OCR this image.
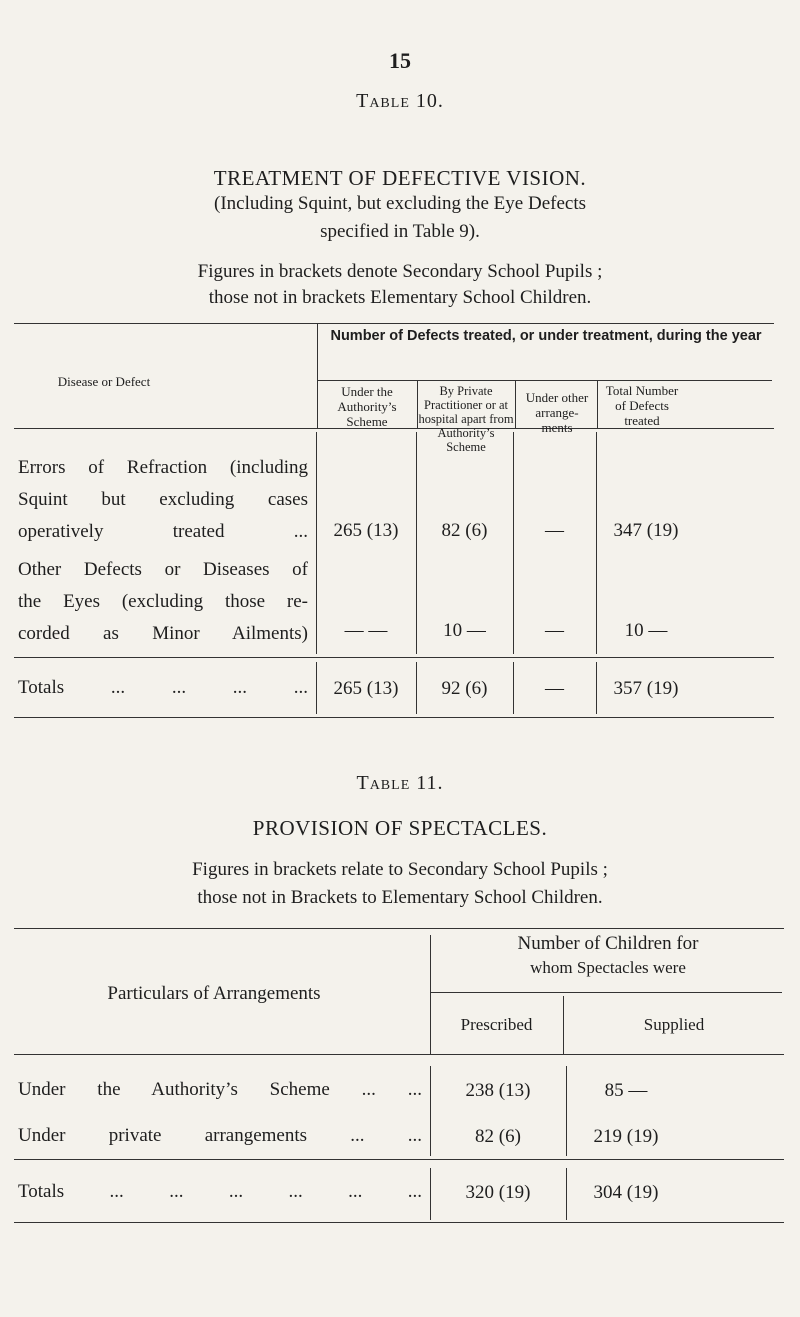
15
Table 10.
TREATMENT OF DEFECTIVE VISION.
(Including Squint, but excluding the Eye Defects
specified in Table 9).
Figures in brackets denote Secondary School Pupils ;
those not in brackets Elementary School Children.
Number of Defects treated, or under treatment, during the year
Disease or Defect
Under the Authority’s Scheme
By Private Practitioner or at hospital apart from Authority’s Scheme
Under other arrange- ments
Total Number of Defects treated
Errors of Refraction (including
Squint but excluding cases
operatively treated ...	265 (13)	82 (6)	—	347 (19)
Other Defects or Diseases of
the Eyes (excluding those re-
corded as Minor Ailments)	— —	10 —	—	10 —
Totals ... ... ... ...	265 (13)	92 (6)	—	357 (19)
Table 11.
PROVISION OF SPECTACLES.
Figures in brackets relate to Secondary School Pupils ;
those not in Brackets to Elementary School Children.
Particulars of Arrangements
Number of Children for
whom Spectacles were
Prescribed	Supplied
Under the Authority’s Scheme ... ...	238 (13)	85 —
Under private arrangements ... ...	82 (6)	219 (19)
Totals ... ... ... ... ... ...	320 (19)	304 (19)
